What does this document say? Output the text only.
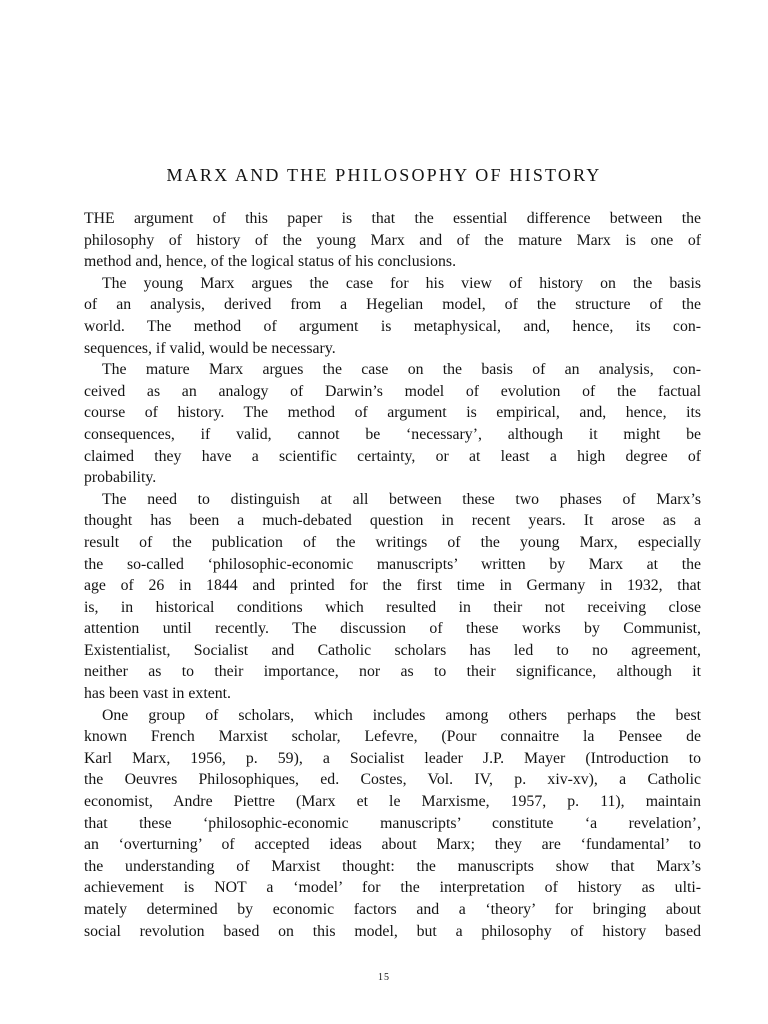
MARX AND THE PHILOSOPHY OF HISTORY

THE argument of this paper is that the essential difference between the
philosophy of history of the young Marx and of the mature Marx is one of
method and, hence, of the logical status of his conclusions.

The young Marx argues the case for his view of history on the basis
of an analysis, derived from a Hegelian model, of the structure of the
world. The method of argument is metaphysical, and, hence, its con-
sequences, if valid, would be necessary.

The mature Marx argues the case on the basis of an analysis, con-
ceived as an analogy of Darwin’s model of evolution of the factual
course of history. The method of argument is empirical, and, hence, its
consequences, if valid, cannot be ‘necessary’, although it might be
claimed they have a scientific certainty, or at least a high degree of
probability.

The need to distinguish at all between these two phases of Marx’s
thought has been a much-debated question in recent years. It arose as a
result of the publication of the writings of the young Marx, especially
the so-called ‘philosophic-economic manuscripts’ written by Marx at the
age of 26 in 1844 and printed for the first time in Germany in 1932, that
is, in historical conditions which resulted in their not receiving close
attention until recently. The discussion of these works by Communist,
Existentialist, Socialist and Catholic scholars has led to no agreement,
neither as to their importance, nor as to their significance, although it
has been vast in extent.

One group of scholars, which includes among others perhaps the best
known French Marxist scholar, Lefevre, (Pour connaitre la Pensee de
Karl Marx, 1956, p. 59), a Socialist leader J.P. Mayer (Introduction to
the Oeuvres Philosophiques, ed. Costes, Vol. IV, p. xiv-xv), a Catholic
economist, Andre Piettre (Marx et le Marxisme, 1957, p. 11), maintain
that these ‘philosophic-economic manuscripts’ constitute ‘a revelation’,
an ‘overturning’ of accepted ideas about Marx; they are ‘fundamental’ to
the understanding of Marxist thought: the manuscripts show that Marx’s
achievement is NOT a ‘model’ for the interpretation of history as ulti-
mately determined by economic factors and a ‘theory’ for bringing about
social revolution based on this model, but a philosophy of history based

15
